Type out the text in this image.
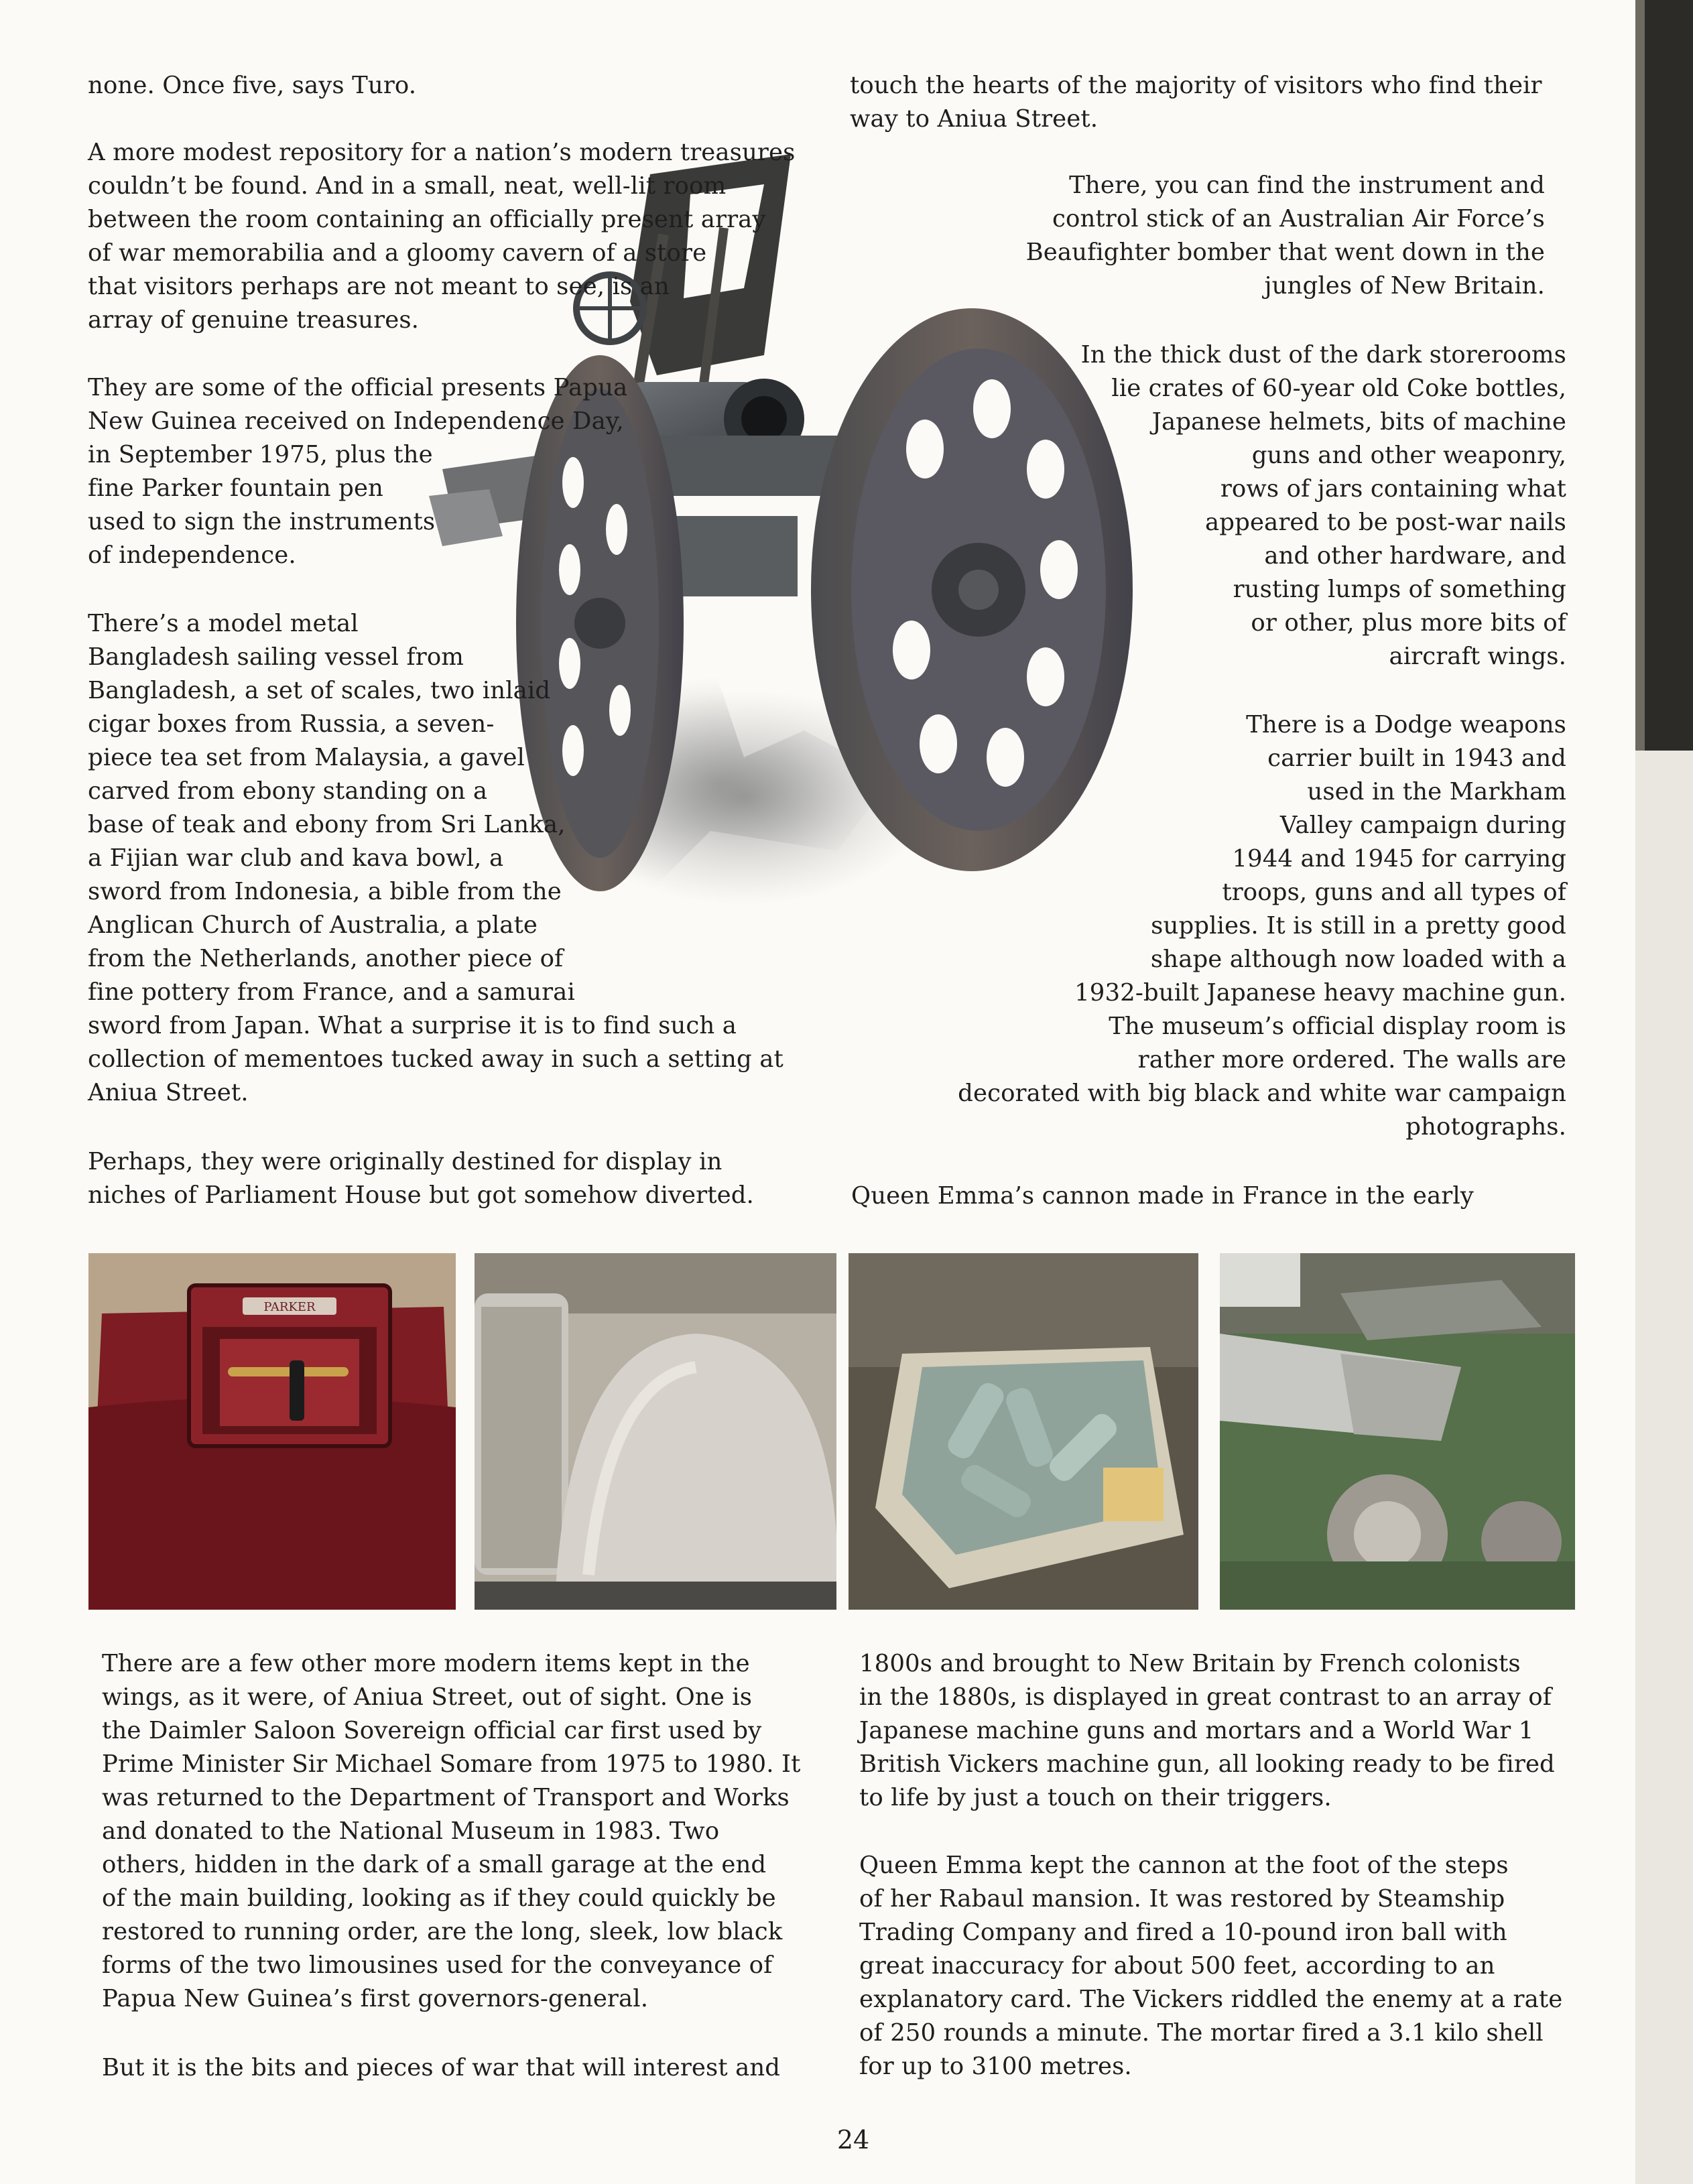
none. Once five, says Turo.

A more modest repository for a nation’s modern treasures
couldn’t be found. And in a small, neat, well-lit room
between the room containing an officially present array
of war memorabilia and a gloomy cavern of a store
that visitors perhaps are not meant to see, is an
array of genuine treasures.

They are some of the official presents Papua
New Guinea received on Independence Day,
in September 1975, plus the
fine Parker fountain pen
used to sign the instruments
of independence.

There’s a model metal
Bangladesh sailing vessel from
Bangladesh, a set of scales, two inlaid
cigar boxes from Russia, a seven-
piece tea set from Malaysia, a gavel
carved from ebony standing on a
base of teak and ebony from Sri Lanka,
a Fijian war club and kava bowl, a
sword from Indonesia, a bible from the
Anglican Church of Australia, a plate
from the Netherlands, another piece of
fine pottery from France, and a samurai
sword from Japan. What a surprise it is to find such a
collection of mementoes tucked away in such a setting at
Aniua Street.

Perhaps, they were originally destined for display in
niches of Parliament House but got somehow diverted.

touch the hearts of the majority of visitors who find their
way to Aniua Street.

There, you can find the instrument and
control stick of an Australian Air Force’s
Beaufighter bomber that went down in the
jungles of New Britain.

In the thick dust of the dark storerooms
lie crates of 60-year old Coke bottles,
Japanese helmets, bits of machine
guns and other weaponry,
rows of jars containing what
appeared to be post-war nails
and other hardware, and
rusting lumps of something
or other, plus more bits of
aircraft wings.

There is a Dodge weapons
carrier built in 1943 and
used in the Markham
Valley campaign during
1944 and 1945 for carrying
troops, guns and all types of
supplies. It is still in a pretty good
shape although now loaded with a
1932-built Japanese heavy machine gun.
The museum’s official display room is
rather more ordered. The walls are
decorated with big black and white war campaign
photographs.

Queen Emma’s cannon made in France in the early

PARKER

There are a few other more modern items kept in the
wings, as it were, of Aniua Street, out of sight. One is
the Daimler Saloon Sovereign official car first used by
Prime Minister Sir Michael Somare from 1975 to 1980. It
was returned to the Department of Transport and Works
and donated to the National Museum in 1983. Two
others, hidden in the dark of a small garage at the end
of the main building, looking as if they could quickly be
restored to running order, are the long, sleek, low black
forms of the two limousines used for the conveyance of
Papua New Guinea’s first governors-general.

But it is the bits and pieces of war that will interest and

1800s and brought to New Britain by French colonists
in the 1880s, is displayed in great contrast to an array of
Japanese machine guns and mortars and a World War 1
British Vickers machine gun, all looking ready to be fired
to life by just a touch on their triggers.

Queen Emma kept the cannon at the foot of the steps
of her Rabaul mansion. It was restored by Steamship
Trading Company and fired a 10-pound iron ball with
great inaccuracy for about 500 feet, according to an
explanatory card. The Vickers riddled the enemy at a rate
of 250 rounds a minute. The mortar fired a 3.1 kilo shell
for up to 3100 metres.

24
